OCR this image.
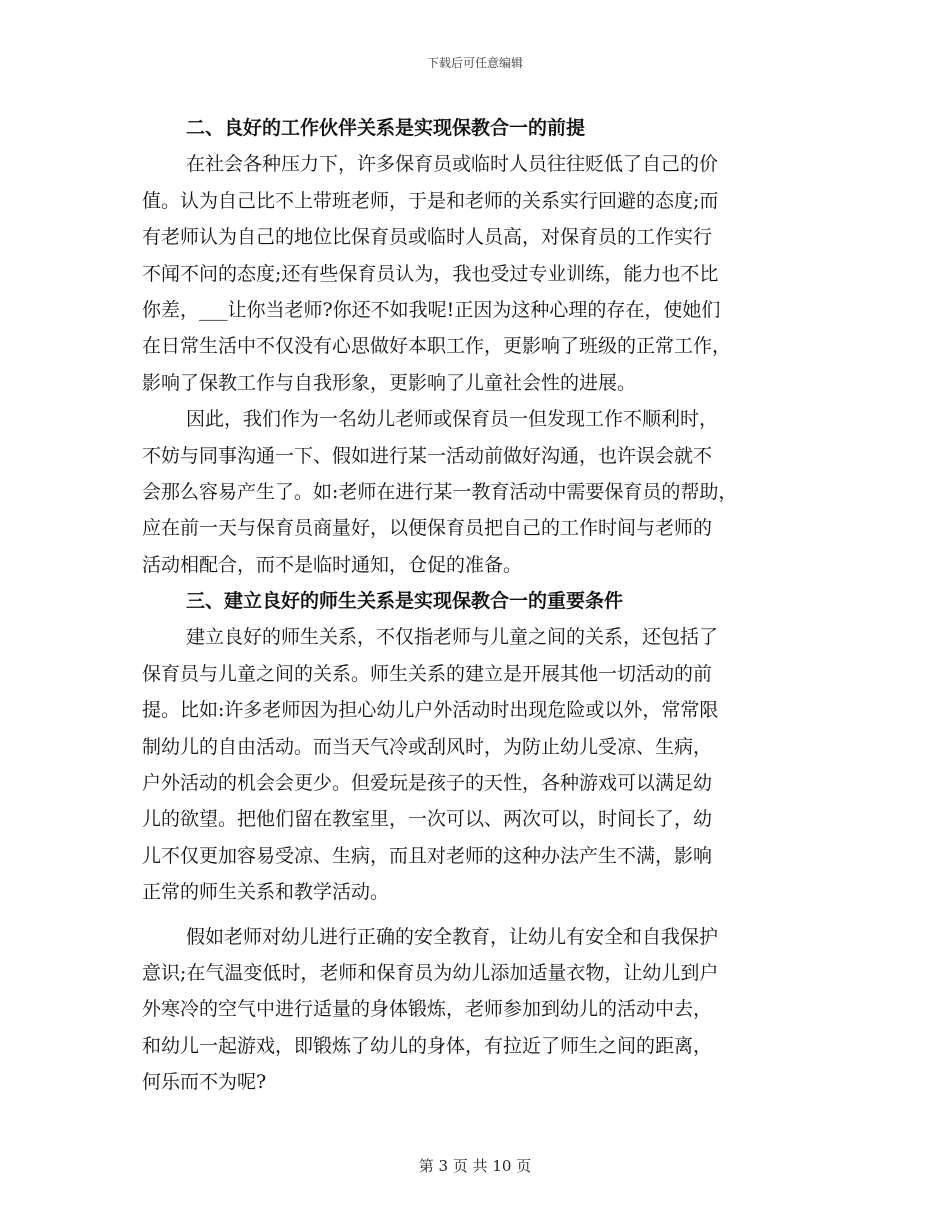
下载后可任意编辑
二、良好的工作伙伴关系是实现保教合一的前提
在社会各种压力下，许多保育员或临时人员往往贬低了自己的价
值。认为自己比不上带班老师，于是和老师的关系实行回避的态度;而
有老师认为自己的地位比保育员或临时人员高，对保育员的工作实行
不闻不问的态度;还有些保育员认为，我也受过专业训练，能力也不比
你差，___让你当老师?你还不如我呢!正因为这种心理的存在，使她们
在日常生活中不仅没有心思做好本职工作，更影响了班级的正常工作，
影响了保教工作与自我形象，更影响了儿童社会性的进展。
因此，我们作为一名幼儿老师或保育员一但发现工作不顺利时，
不妨与同事沟通一下、假如进行某一活动前做好沟通，也许误会就不
会那么容易产生了。如:老师在进行某一教育活动中需要保育员的帮助，
应在前一天与保育员商量好，以便保育员把自己的工作时间与老师的
活动相配合，而不是临时通知，仓促的准备。
三、建立良好的师生关系是实现保教合一的重要条件
建立良好的师生关系，不仅指老师与儿童之间的关系，还包括了
保育员与儿童之间的关系。师生关系的建立是开展其他一切活动的前
提。比如:许多老师因为担心幼儿户外活动时出现危险或以外，常常限
制幼儿的自由活动。而当天气冷或刮风时，为防止幼儿受凉、生病，
户外活动的机会会更少。但爱玩是孩子的天性，各种游戏可以满足幼
儿的欲望。把他们留在教室里，一次可以、两次可以，时间长了，幼
儿不仅更加容易受凉、生病，而且对老师的这种办法产生不满，影响
正常的师生关系和教学活动。
假如老师对幼儿进行正确的安全教育，让幼儿有安全和自我保护
意识;在气温变低时，老师和保育员为幼儿添加适量衣物，让幼儿到户
外寒冷的空气中进行适量的身体锻炼，老师参加到幼儿的活动中去，
和幼儿一起游戏，即锻炼了幼儿的身体，有拉近了师生之间的距离，
何乐而不为呢?
第 3 页 共 10 页
